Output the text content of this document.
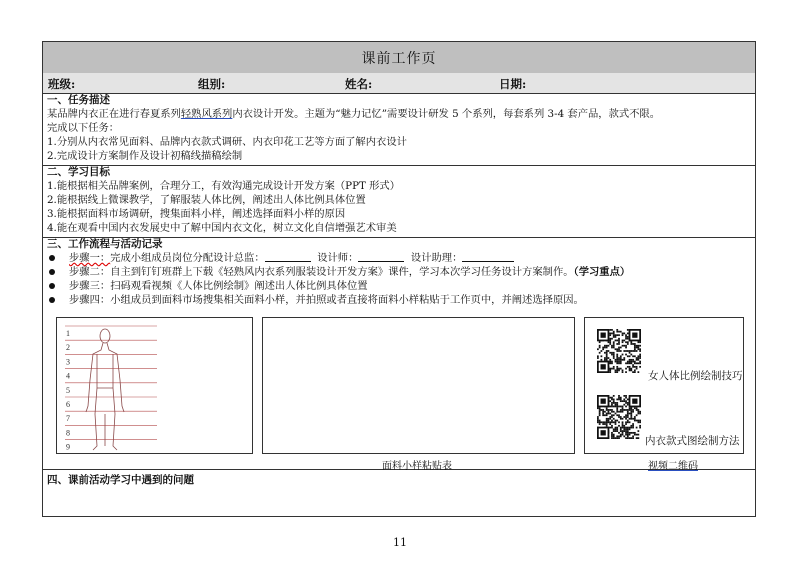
课前工作页
班级:	组别:	姓名:	日期:
一、任务描述
某品牌内衣正在进行春夏系列轻熟风系列内衣设计开发。主题为“魅力记忆”需要设计研发 5 个系列，每套系列 3-4 套产品，款式不限。
完成以下任务：
1.分别从内衣常见面料、品牌内衣款式调研、内衣印花工艺等方面了解内衣设计
2.完成设计方案制作及设计初稿线描稿绘制
二、学习目标
1.能根据相关品牌案例，合理分工，有效沟通完成设计开发方案（PPT 形式）
2.能根据线上微课教学，了解服装人体比例，阐述出人体比例具体位置
3.能根据面料市场调研，搜集面料小样，阐述选择面料小样的原因
4.能在观看中国内衣发展史中了解中国内衣文化，树立文化自信增强艺术审美
三、工作流程与活动记录
步骤一：完成小组成员岗位分配设计总监：	设计师：	设计助理：
步骤二：自主到钉钉班群上下载《轻熟风内衣系列服装设计开发方案》课件，学习本次学习任务设计方案制作。（学习重点）
步骤三：扫码观看视频《人体比例绘制》阐述出人体比例具体位置
步骤四：小组成员到面料市场搜集相关面料小样，并拍照或者直接将面料小样粘贴于工作页中，并阐述选择原因。
1
2
3
4
5
6
7
8
9
面料小样粘贴表
女人体比例绘制技巧
内衣款式图绘制方法
视频二维码
四、课前活动学习中遇到的问题
11
